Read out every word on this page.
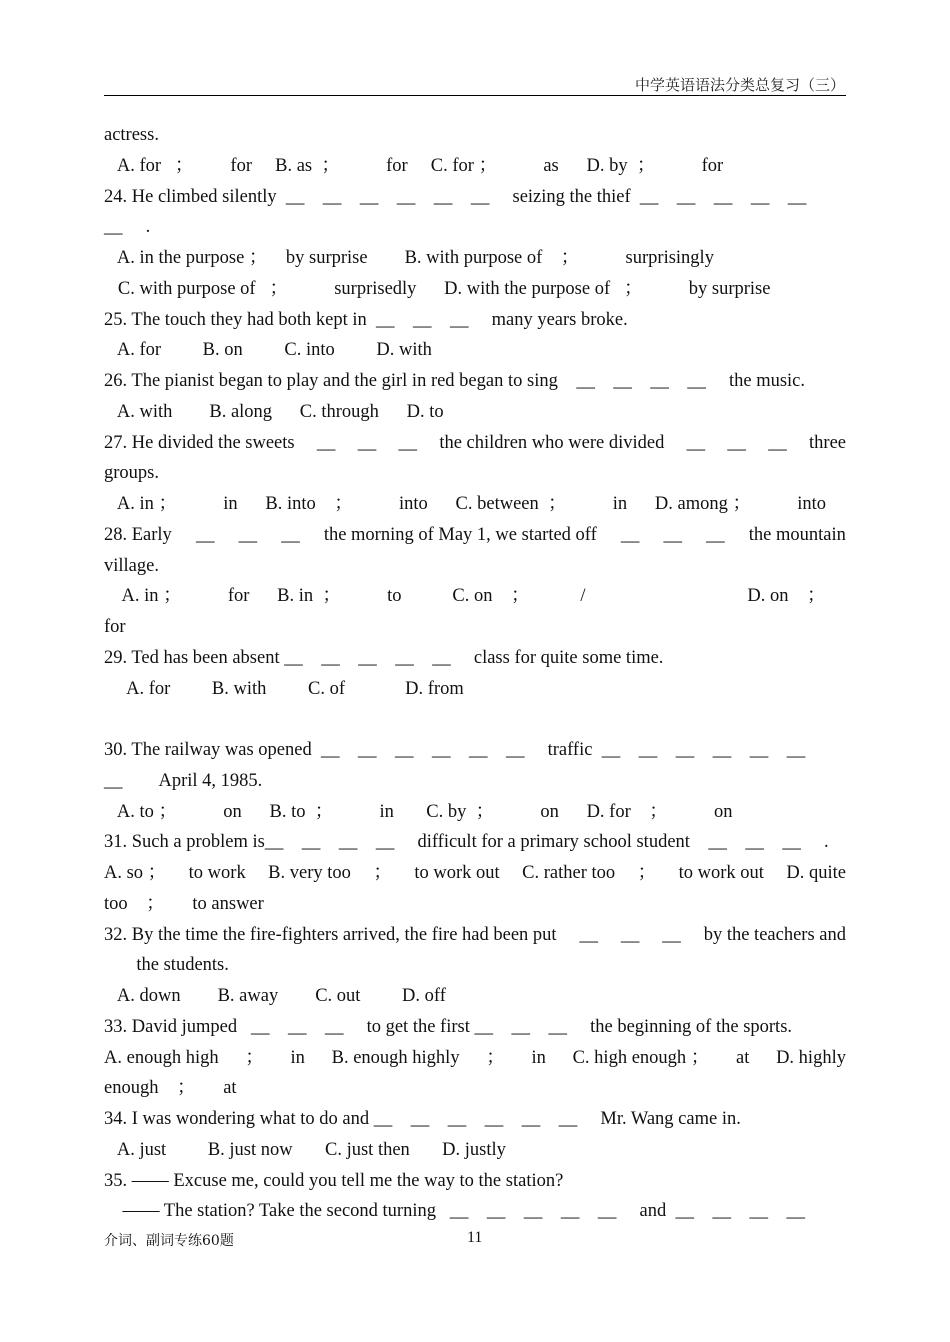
中学英语语法分类总复习（三）
actress.
A. for   ；        for     B. as  ；          for     C. for ；          as      D. by  ；          for
24. He climbed silently  __    __    __    __    __    __     seizing the thief  __    __    __    __    __
__     .
A. in the purpose ；    by surprise        B. with purpose of    ；          surprisingly
C. with purpose of   ；          surprisedly      D. with the purpose of   ；          by surprise
25. The touch they had both kept in  __    __    __     many years broke.
A. for         B. on         C. into         D. with
26. The pianist began to play and the girl in red began to sing    __    __    __    __     the music.
A. with        B. along      C. through      D. to
27. He divided the sweets __ __ __ the children who were divided __ __ __ three
groups.
A. in ；          in      B. into    ；          into      C. between  ；          in      D. among ；          into
28. Early __ __ __ the morning of May 1, we started off __ __ __ the mountain
village.
A. in ；          for      B. in  ；          to           C. on    ；           /                                   D. on    ；
for
29. Ted has been absent __    __    __    __    __     class for quite some time.
A. for         B. with         C. of             D. from
30. The railway was opened  __    __    __    __    __    __     traffic  __    __    __    __    __    __
__        April 4, 1985.
A. to ；          on      B. to  ；          in       C. by  ；          on      D. for    ；          on
31. Such a problem is__    __    __    __     difficult for a primary school student    __    __    __     .
A. so ； to work B. very too ； to work out C. rather too ； to work out D. quite
too    ；      to answer
32. By the time the fire-fighters arrived, the fire had been put __ __ __ by the teachers and
the students.
A. down        B. away        C. out         D. off
33. David jumped   __    __    __     to get the first __    __    __     the beginning of the sports.
A. enough high ； in B. enough highly ； in C. high enough ； at D. highly
enough    ；      at
34. I was wondering what to do and __    __    __    __    __    __     Mr. Wang came in.
A. just         B. just now       C. just then       D. justly
35. —— Excuse me, could you tell me the way to the station?
—— The station? Take the second turning   __    __    __    __    __     and  __    __    __    __
介词、副词专练60题	11
